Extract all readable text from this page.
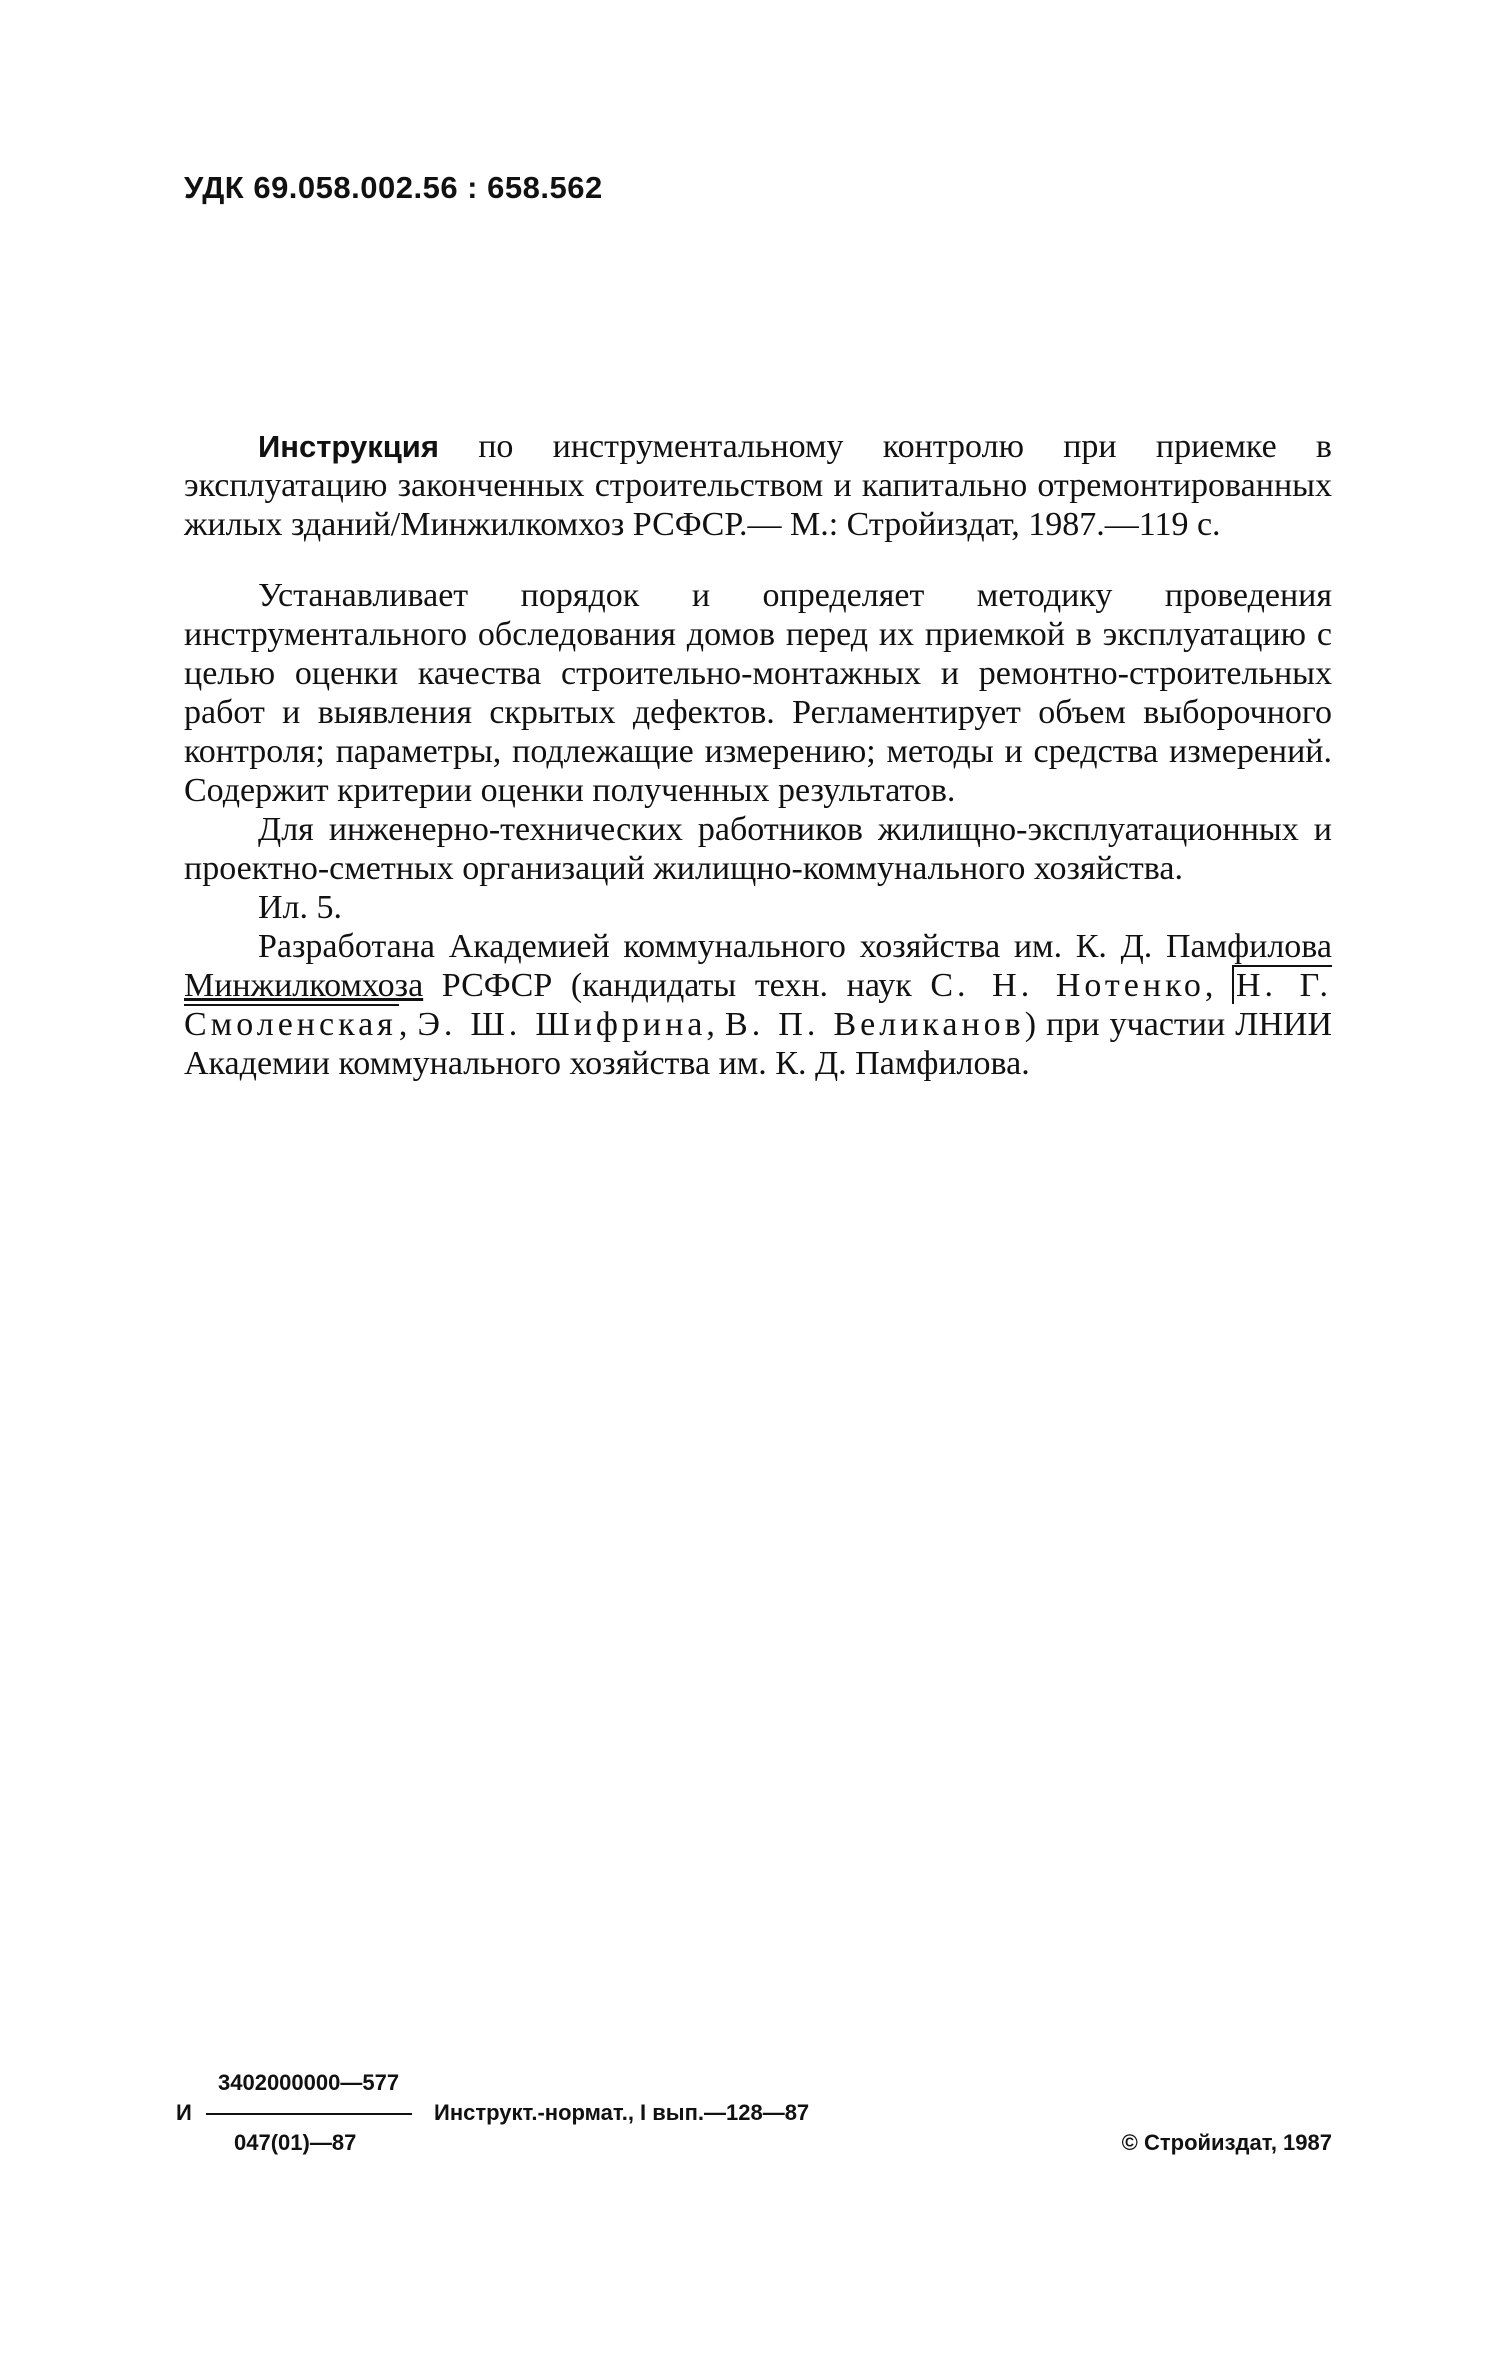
УДК 69.058.002.56 : 658.562

Инструкция по инструментальному контролю при приемке в эксплуатацию законченных строительством и капитально отремонтированных жилых зданий/Минжилкомхоз РСФСР.— М.: Стройиздат, 1987.—119 с.

Устанавливает порядок и определяет методику проведения инструментального обследования домов перед их приемкой в эксплуатацию с целью оценки качества строительно-монтажных и ремонтно-строительных работ и выявления скрытых дефектов. Регламентирует объем выборочного контроля; параметры, подлежащие измерению; методы и средства измерений. Содержит критерии оценки полученных результатов.

Для инженерно-технических работников жилищно-эксплуатационных и проектно-сметных организаций жилищно-коммунального хозяйства.

Ил. 5.

Разработана Академией коммунального хозяйства им. К. Д. Памфилова Минжилкомхоза РСФСР (кандидаты техн. наук С. Н. Нотенко, Н. Г. Смоленская, Э. Ш. Шифрина, В. П. Великанов) при участии ЛНИИ Академии коммунального хозяйства им. К. Д. Памфилова.

3402000000—577
И	Инструкт.-нормат., I вып.—128—87
047(01)—87	© Стройиздат, 1987
